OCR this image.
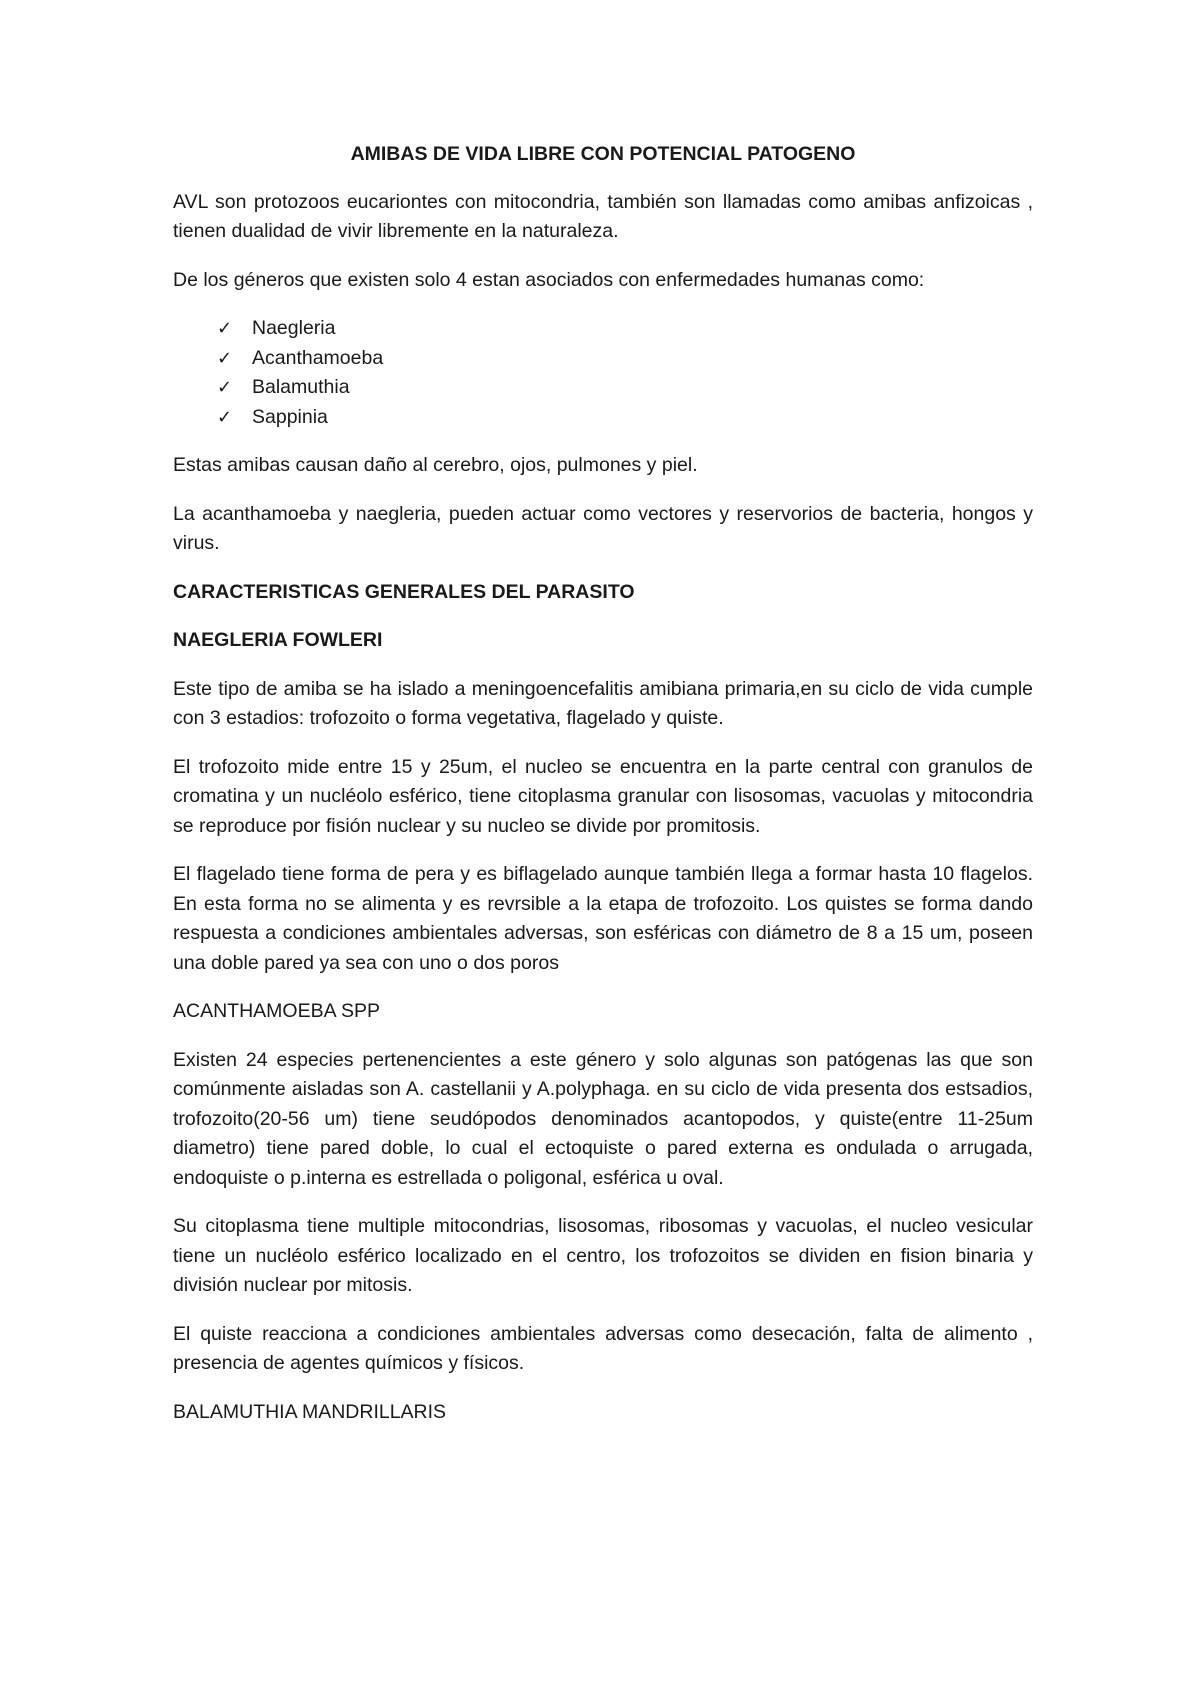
AMIBAS DE VIDA LIBRE CON POTENCIAL PATOGENO

AVL son protozoos eucariontes con mitocondria, también son llamadas como amibas anfizoicas , tienen dualidad de vivir libremente en la naturaleza.

De los géneros que existen solo 4 estan asociados con enfermedades humanas como:

✓ Naegleria
✓ Acanthamoeba
✓ Balamuthia
✓ Sappinia

Estas amibas causan daño al cerebro, ojos, pulmones y piel.

La acanthamoeba y naegleria, pueden actuar como vectores y reservorios de bacteria, hongos y virus.

CARACTERISTICAS GENERALES DEL PARASITO
NAEGLERIA FOWLERI

Este tipo de amiba se ha islado a meningoencefalitis amibiana primaria,en su ciclo de vida cumple con 3 estadios: trofozoito o forma vegetativa, flagelado y quiste.

El trofozoito mide entre 15 y 25um, el nucleo se encuentra en la parte central con granulos de cromatina y un nucléolo esférico, tiene citoplasma granular con lisosomas, vacuolas y mitocondria se reproduce por fisión nuclear y su nucleo se divide por promitosis.

El flagelado tiene forma de pera y es biflagelado aunque también llega a formar hasta 10 flagelos. En esta forma no se alimenta y es revrsible a la etapa de trofozoito. Los quistes se forma dando respuesta a condiciones ambientales adversas, son esféricas con diámetro de 8 a 15 um, poseen una doble pared ya sea con uno o dos poros

ACANTHAMOEBA SPP

Existen 24 especies pertenencientes a este género y solo algunas son patógenas las que son comúnmente aisladas son A. castellanii y A.polyphaga. en su ciclo de vida presenta dos estsadios, trofozoito(20-56 um) tiene seudópodos denominados acantopodos, y quiste(entre 11-25um diametro) tiene pared doble, lo cual el ectoquiste o pared externa es ondulada o arrugada, endoquiste o p.interna es estrellada o poligonal, esférica u oval.

Su citoplasma tiene multiple mitocondrias, lisosomas, ribosomas y vacuolas, el nucleo vesicular tiene un nucléolo esférico localizado en el centro, los trofozoitos se dividen en fision binaria y división nuclear por mitosis.

El quiste reacciona a condiciones ambientales adversas como desecación, falta de alimento , presencia de agentes químicos y físicos.

BALAMUTHIA MANDRILLARIS
